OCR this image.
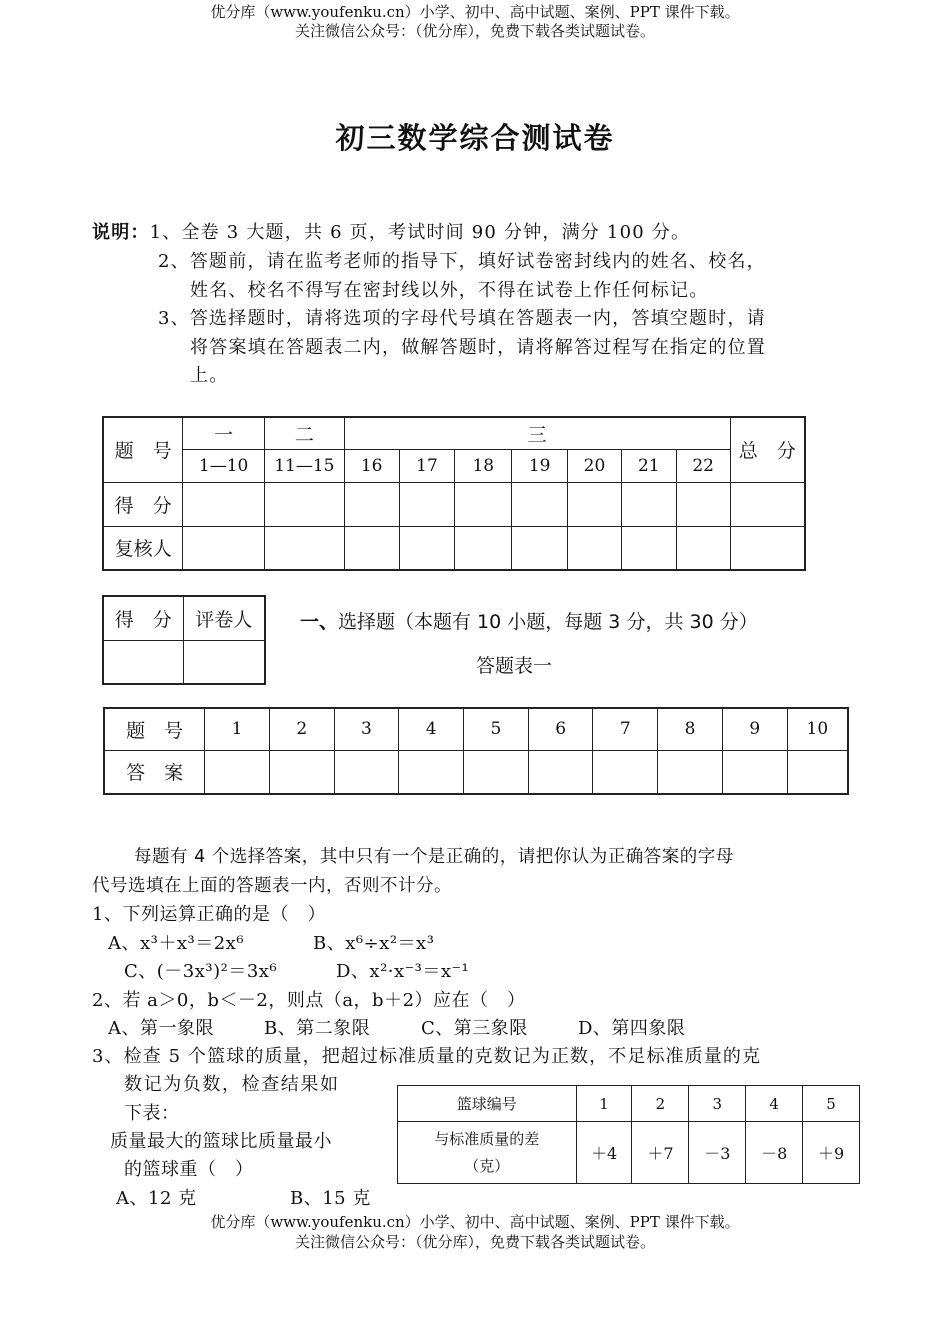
优分库（www.youfenku.cn）小学、初中、高中试题、案例、PPT 课件下载。
关注微信公众号：（优分库），免费下载各类试题试卷。
初三数学综合测试卷
说明：1、全卷 3 大题，共 6 页，考试时间 90 分钟，满分 100 分。
2、答题前，请在监考老师的指导下，填好试卷密封线内的姓名、校名，
姓名、校名不得写在密封线以外，不得在试卷上作任何标记。
3、答选择题时，请将选项的字母代号填在答题表一内，答填空题时，请
将答案填在答题表二内，做解答题时，请将解答过程写在指定的位置
上。
题　号	一	二	三							总　分
	1—10	11—15	16	17	18	19	20	21	22	
得　分										
复核人										
得　分	评卷人
		一、选择题（本题有 10 小题，每题 3 分，共 30 分）
答题表一
题　号	1	2	3	4	5	6	7	8	9	10
答　案										
每题有 4 个选择答案，其中只有一个是正确的，请把你认为正确答案的字母
代号选填在上面的答题表一内，否则不计分。
1、下列运算正确的是（　）
A、x³＋x³＝2x⁶	B、x⁶÷x²＝x³
C、(－3x³)²＝3x⁶	D、x²·x⁻³＝x⁻¹
2、若 a＞0，b＜－2，则点（a，b＋2）应在（　）
A、第一象限	B、第二象限	C、第三象限	D、第四象限
3、检查 5 个篮球的质量，把超过标准质量的克数记为正数，不足标准质量的克
数记为负数，检查结果如
下表：
质量最大的篮球比质量最小
的篮球重（　）
A、12 克	B、15 克
篮球编号	1	2	3	4	5

与标准质量的差
（克）	＋4	＋7	－3	－8	＋9
优分库（www.youfenku.cn）小学、初中、高中试题、案例、PPT 课件下载。
关注微信公众号：（优分库），免费下载各类试题试卷。
